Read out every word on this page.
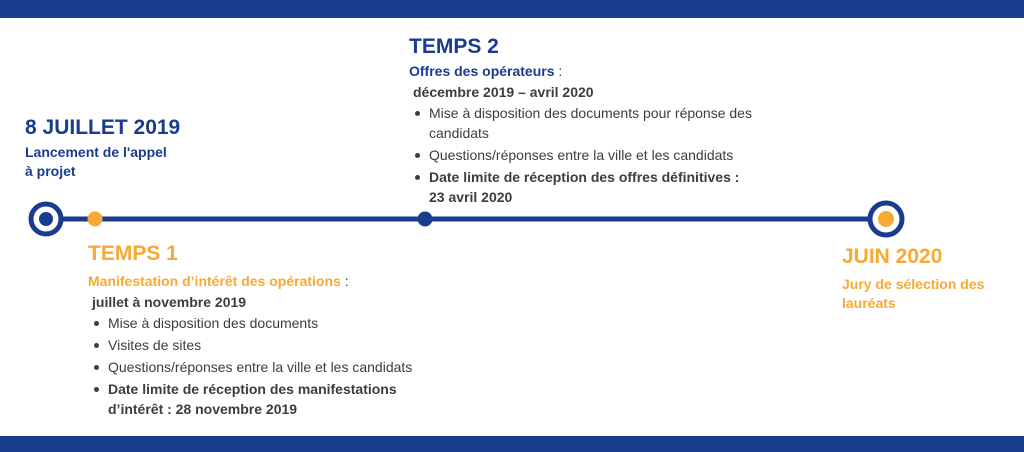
8 JUILLET 2019

Lancement de l'appel

à projet

TEMPS 2

Offres des opérateurs :

décembre 2019 – avril 2020

Mise à disposition des documents pour réponse des
candidats
Questions/réponses entre la ville et les candidats
Date limite de réception des offres définitives :
23 avril 2020

TEMPS 1

Manifestation d’intérêt des opérations :

juillet à novembre 2019

Mise à disposition des documents
Visites de sites
Questions/réponses entre la ville et les candidats
Date limite de réception des manifestations
d’intérêt : 28 novembre 2019

JUIN 2020

Jury de sélection des

lauréats
